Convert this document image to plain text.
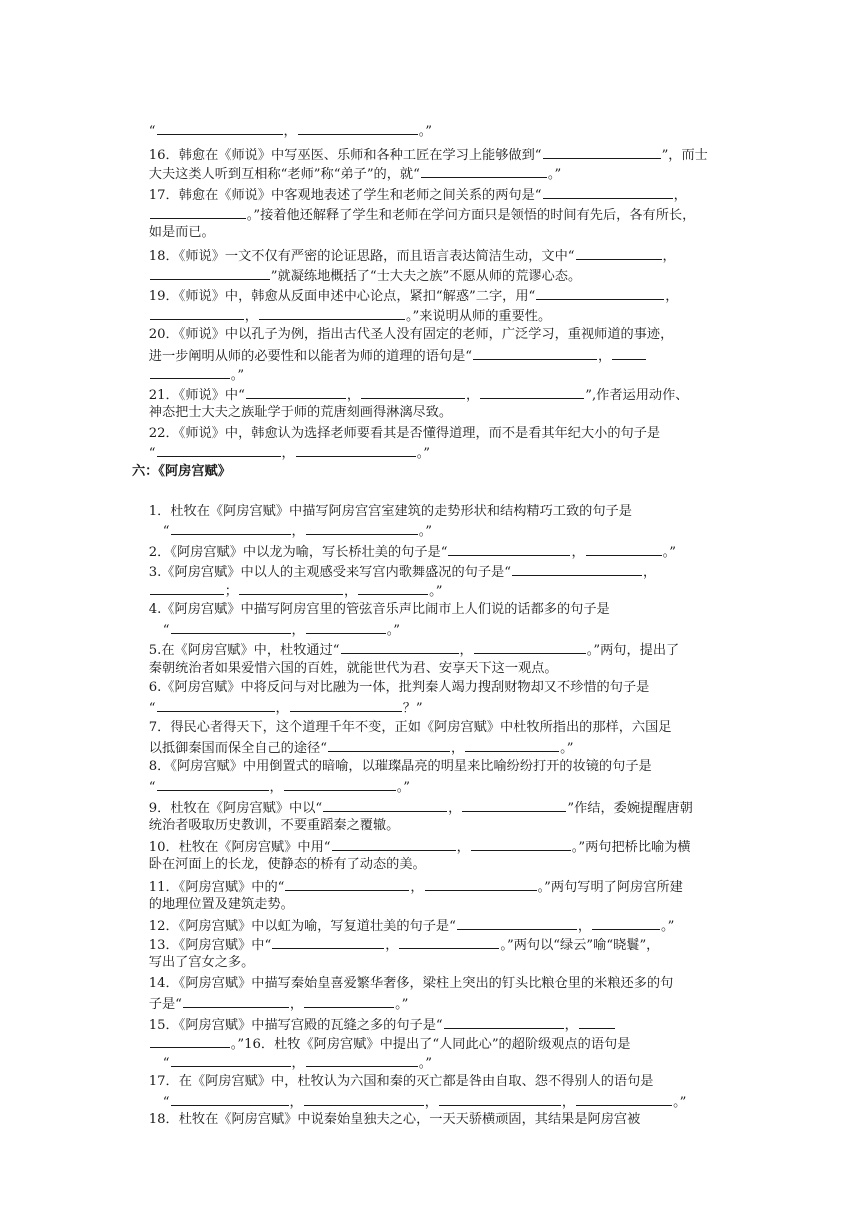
“	，	。”

16．韩愈在《师说》中写巫医、乐师和各种工匠在学习上能够做到“	”，而士

大夫这类人听到互相称“老师”称“弟子”的，就“	。”

17．韩愈在《师说》中客观地表述了学生和老师之间关系的两句是“	，

。”接着他还解释了学生和老师在学问方面只是领悟的时间有先后，各有所长，

如是而已。

18．《师说》一文不仅有严密的论证思路，而且语言表达简洁生动，文中“	，

”就凝练地概括了“士大夫之族”不愿从师的荒谬心态。

19．《师说》中，韩愈从反面申述中心论点，紧扣“解惑”二字，用“	，

，	。”来说明从师的重要性。

20．《师说》中以孔子为例，指出古代圣人没有固定的老师，广泛学习，重视师道的事迹，

进一步阐明从师的必要性和以能者为师的道理的语句是“	，

。”

21．《师说》中“	，	，	”,作者运用动作、

神态把士大夫之族耻学于师的荒唐刻画得淋漓尽致。

22．《师说》中，韩愈认为选择老师要看其是否懂得道理，而不是看其年纪大小的句子是

“	，	。”

六：《阿房宫赋》

1．杜牧在《阿房宫赋》中描写阿房宫宫室建筑的走势形状和结构精巧工致的句子是

“	，	。”

2．《阿房宫赋》中以龙为喻，写长桥壮美的句子是“	，	。”

3.《阿房宫赋》中以人的主观感受来写宫内歌舞盛况的句子是“	，

；	，	。”

4.《阿房宫赋》中描写阿房宫里的管弦音乐声比闹市上人们说的话都多的句子是

“	，	。”

5.在《阿房宫赋》中，杜牧通过“	，	。”两句，提出了

秦朝统治者如果爱惜六国的百姓，就能世代为君、安享天下这一观点。

6.《阿房宫赋》中将反问与对比融为一体，批判秦人竭力搜刮财物却又不珍惜的句子是

“	，	？”

7．得民心者得天下，这个道理千年不变，正如《阿房宫赋》中杜牧所指出的那样，六国足

以抵御秦国而保全自己的途径“	，	。”

8．《阿房宫赋》中用倒置式的暗喻，以璀璨晶亮的明星来比喻纷纷打开的妆镜的句子是

“	，	。”

9．杜牧在《阿房宫赋》中以“	，	”作结，委婉提醒唐朝

统治者吸取历史教训，不要重蹈秦之覆辙。

10．杜牧在《阿房宫赋》中用“	，	。”两句把桥比喻为横

卧在河面上的长龙，使静态的桥有了动态的美。

11．《阿房宫赋》中的“	，	。”两句写明了阿房宫所建

的地理位置及建筑走势。

12．《阿房宫赋》中以虹为喻，写复道壮美的句子是“	，	。”

13．《阿房宫赋》中“	，	。”两句以“绿云”喻“晓鬟”，

写出了宫女之多。

14．《阿房宫赋》中描写秦始皇喜爱繁华奢侈，梁柱上突出的钉头比粮仓里的米粮还多的句

子是“	，	。”

15．《阿房宫赋》中描写宫殿的瓦缝之多的句子是“	，

。”16．杜牧《阿房宫赋》中提出了“人同此心”的超阶级观点的语句是

“	，	。”

17．在《阿房宫赋》中，杜牧认为六国和秦的灭亡都是咎由自取、怨不得别人的语句是

“	，	，	，	。”

18．杜牧在《阿房宫赋》中说秦始皇独夫之心，一天天骄横顽固，其结果是阿房宫被
